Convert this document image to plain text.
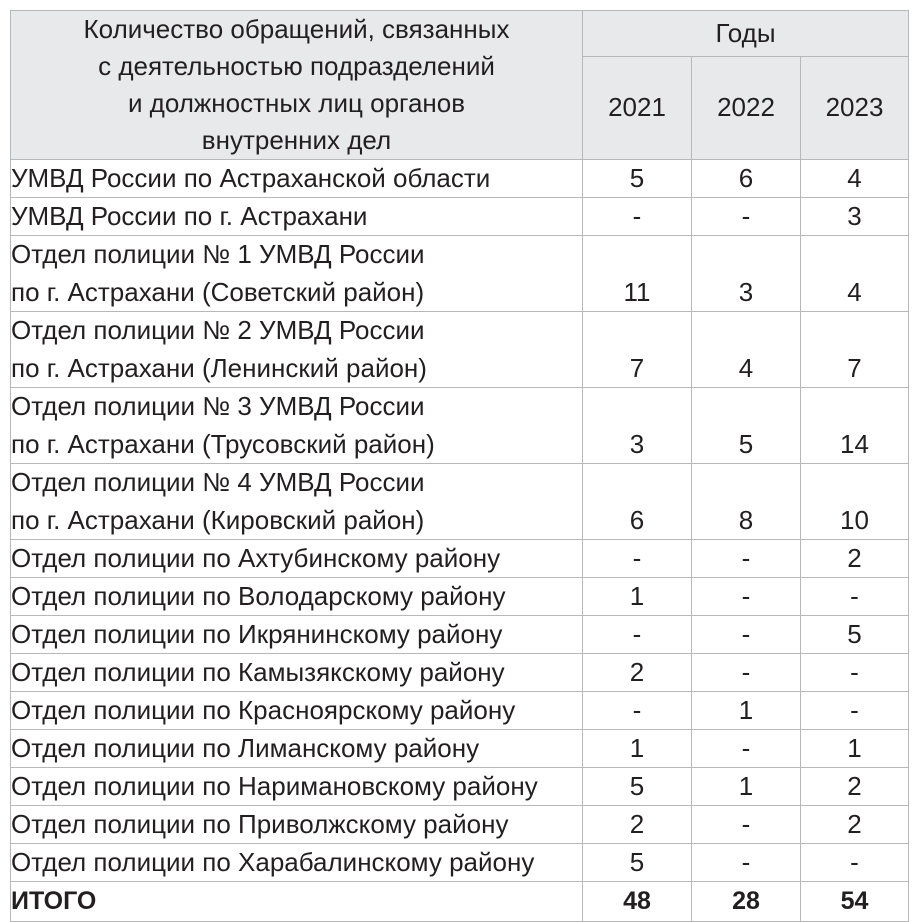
Количество обращений, связанных
с деятельностью подразделений
и должностных лиц органов
внутренних дел	Годы		
	2021	2022	2023

УМВД России по Астраханской области	5	6	4

УМВД России по г. Астрахани	-	-	3

Отдел полиции № 1 УМВД России
по г. Астрахани (Советский район)	11	3	4

Отдел полиции № 2 УМВД России
по г. Астрахани (Ленинский район)	7	4	7

Отдел полиции № 3 УМВД России
по г. Астрахани (Трусовский район)	3	5	14

Отдел полиции № 4 УМВД России
по г. Астрахани (Кировский район)	6	8	10

Отдел полиции по Ахтубинскому району	-	-	2

Отдел полиции по Володарскому району	1	-	-

Отдел полиции по Икрянинскому району	-	-	5

Отдел полиции по Камызякскому району	2	-	-

Отдел полиции по Красноярскому району	-	1	-

Отдел полиции по Лиманскому району	1	-	1

Отдел полиции по Наримановскому району	5	1	2

Отдел полиции по Приволжскому району	2	-	2

Отдел полиции по Харабалинскому району	5	-	-
ИТОГО	48	28	54
